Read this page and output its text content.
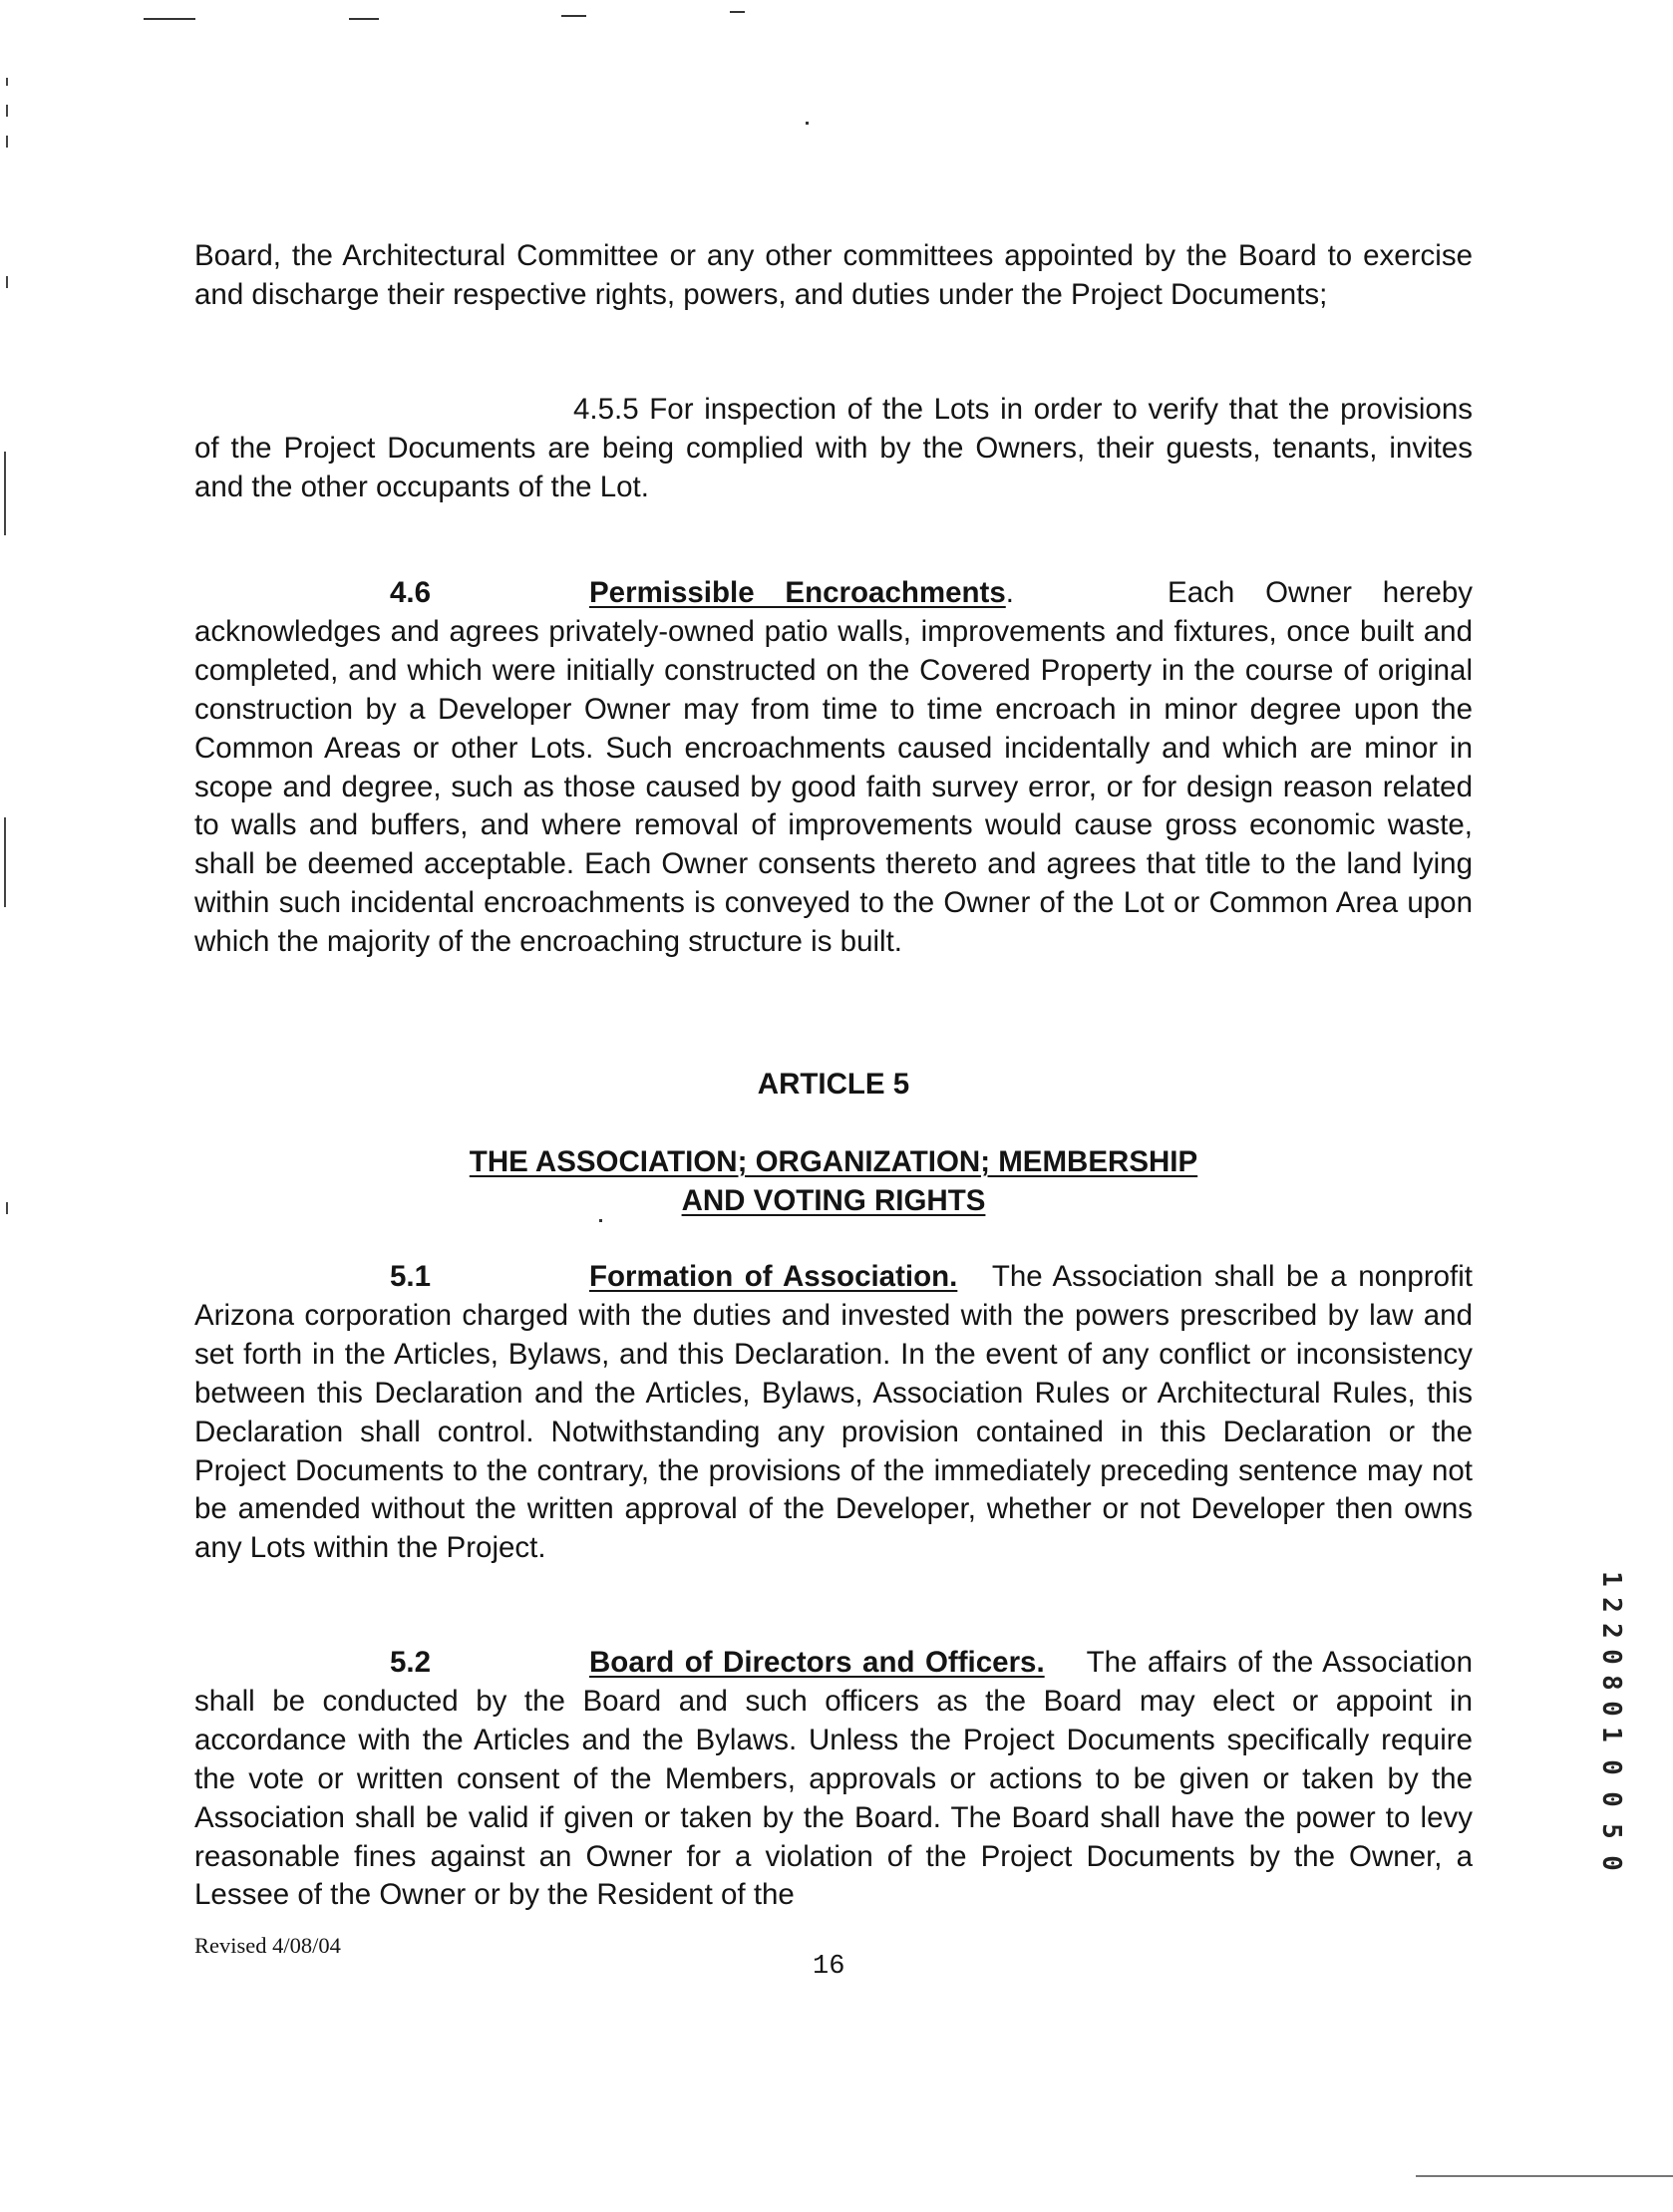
Board, the Architectural Committee or any other committees appointed by the Board to exercise and discharge their respective rights, powers, and duties under the Project Documents;

4.5.5 For inspection of the Lots in order to verify that the provisions of the Project Documents are being complied with by the Owners, their guests, tenants, invites and the other occupants of the Lot.

4.6	Permissible Encroachments.	Each Owner hereby acknowledges and agrees privately-owned patio walls, improvements and fixtures, once built and completed, and which were initially constructed on the Covered Property in the course of original construction by a Developer Owner may from time to time encroach in minor degree upon the Common Areas or other Lots. Such encroachments caused incidentally and which are minor in scope and degree, such as those caused by good faith survey error, or for design reason related to walls and buffers, and where removal of improvements would cause gross economic waste, shall be deemed acceptable. Each Owner consents thereto and agrees that title to the land lying within such incidental encroachments is conveyed to the Owner of the Lot or Common Area upon which the majority of the encroaching structure is built.

ARTICLE 5

THE ASSOCIATION; ORGANIZATION; MEMBERSHIP

AND VOTING RIGHTS

5.1	Formation of Association. The Association shall be a nonprofit Arizona corporation charged with the duties and invested with the powers prescribed by law and set forth in the Articles, Bylaws, and this Declaration. In the event of any conflict or inconsistency between this Declaration and the Articles, Bylaws, Association Rules or Architectural Rules, this Declaration shall control. Notwithstanding any provision contained in this Declaration or the Project Documents to the contrary, the provisions of the immediately preceding sentence may not be amended without the written approval of the Developer, whether or not Developer then owns any Lots within the Project.

5.2	Board of Directors and Officers. The affairs of the Association shall be conducted by the Board and such officers as the Board may elect or appoint in accordance with the Articles and the Bylaws. Unless the Project Documents specifically require the vote or written consent of the Members, approvals or actions to be given or taken by the Association shall be valid if given or taken by the Board. The Board shall have the power to levy reasonable fines against an Owner for a violation of the Project Documents by the Owner, a Lessee of the Owner or by the Resident of the

Revised 4/08/04
16
1
2
2
0
8
0
1
0
0
5
0
